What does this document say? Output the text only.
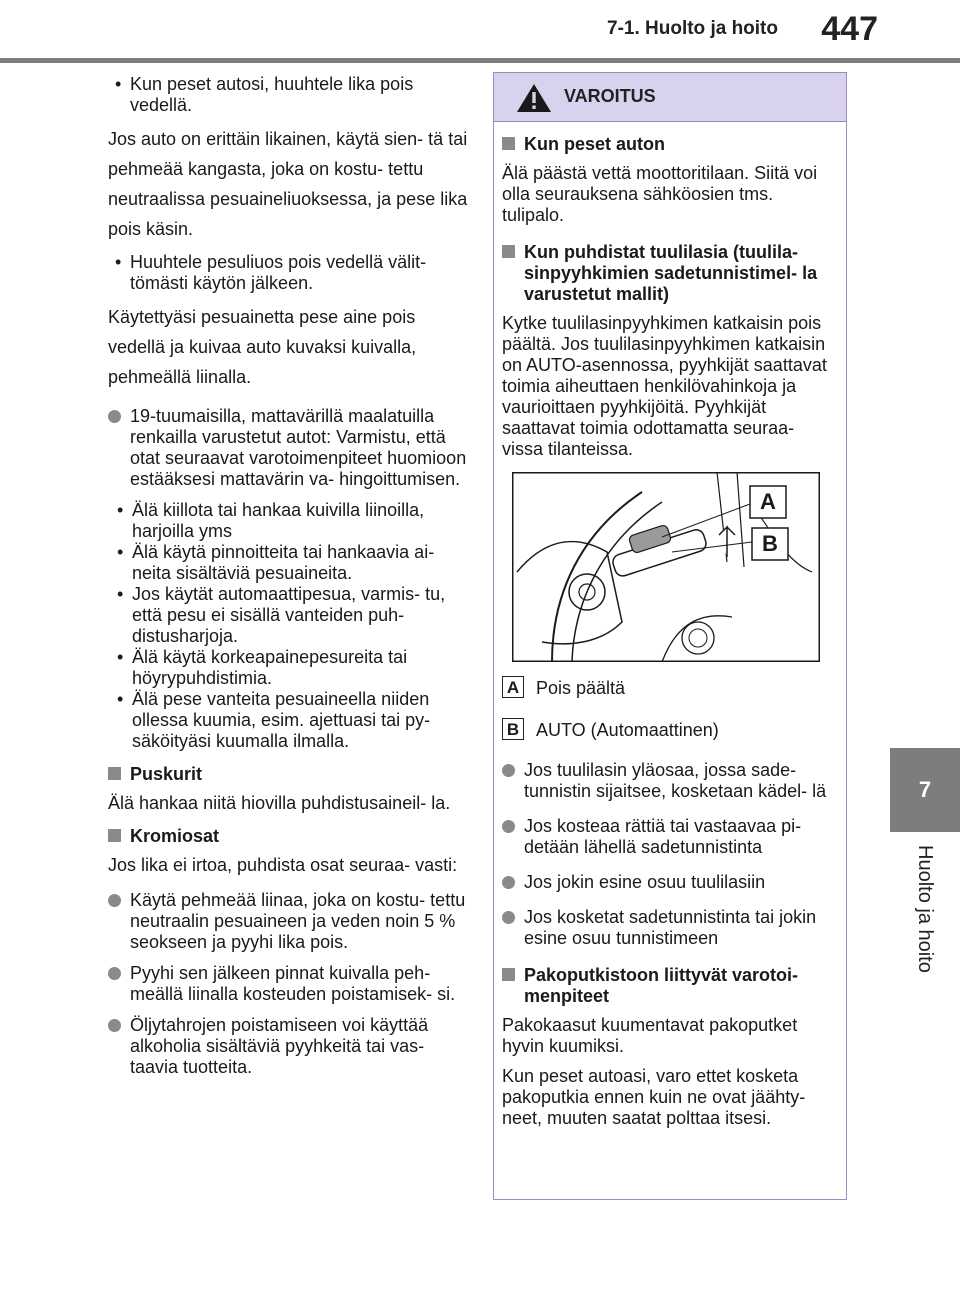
7-1. Huolto ja hoito 447
7
Huolto ja hoito
• Kun peset autosi, huuhtele lika pois vedellä.
Jos auto on erittäin likainen, käytä sien- tä tai pehmeää kangasta, joka on kostu- tettu neutraalissa pesuaineliuoksessa, ja pese lika pois käsin.
• Huuhtele pesuliuos pois vedellä välit- tömästi käytön jälkeen.
Käytettyäsi pesuainetta pese aine pois vedellä ja kuivaa auto kuvaksi kuivalla, pehmeällä liinalla.
19-tuumaisilla, mattavärillä maalatuilla renkailla varustetut autot: Varmistu, että otat seuraavat varotoimenpiteet huomioon estääksesi mattavärin va- hingoittumisen.
• Älä kiillota tai hankaa kuivilla liinoilla, harjoilla yms
• Älä käytä pinnoitteita tai hankaavia ai- neita sisältäviä pesuaineita.
• Jos käytät automaattipesua, varmis- tu, että pesu ei sisällä vanteiden puh- distusharjoja.
• Älä käytä korkeapainepesureita tai höyrypuhdistimia.
• Älä pese vanteita pesuaineella niiden ollessa kuumia, esim. ajettuasi tai py- säköityäsi kuumalla ilmalla.
Puskurit
Älä hankaa niitä hiovilla puhdistusaineil- la.
Kromiosat
Jos lika ei irtoa, puhdista osat seuraa- vasti:
Käytä pehmeää liinaa, joka on kostu- tettu neutraalin pesuaineen ja veden noin 5 % seokseen ja pyyhi lika pois.
Pyyhi sen jälkeen pinnat kuivalla peh- meällä liinalla kosteuden poistamisek- si.
Öljytahrojen poistamiseen voi käyttää alkoholia sisältäviä pyyhkeitä tai vas- taavia tuotteita.
VAROITUS
Kun peset auton
Älä päästä vettä moottoritilaan. Siitä voi olla seurauksena sähköosien tms. tulipalo.
Kun puhdistat tuulilasia (tuulila- sinpyyhkimien sadetunnistimel- la varustetut mallit)
Kytke tuulilasinpyyhkimen katkaisin pois päältä. Jos tuulilasinpyyhkimen katkaisin on AUTO-asennossa, pyyhkijät saattavat toimia aiheuttaen henkilövahinkoja ja vaurioittaen pyyhkijöitä. Pyyhkijät saattavat toimia odottamatta seuraa- vissa tilanteissa.
A
B
A Pois päältä
B AUTO (Automaattinen)
Jos tuulilasin yläosaa, jossa sade- tunnistin sijaitsee, kosketaan kädel- lä
Jos kosteaa rättiä tai vastaavaa pi- detään lähellä sadetunnistinta
Jos jokin esine osuu tuulilasiin
Jos kosketat sadetunnistinta tai jokin esine osuu tunnistimeen
Pakoputkistoon liittyvät varotoi- menpiteet
Pakokaasut kuumentavat pakoputket hyvin kuumiksi.
Kun peset autoasi, varo ettet kosketa pakoputkia ennen kuin ne ovat jäähty- neet, muuten saatat polttaa itsesi.
